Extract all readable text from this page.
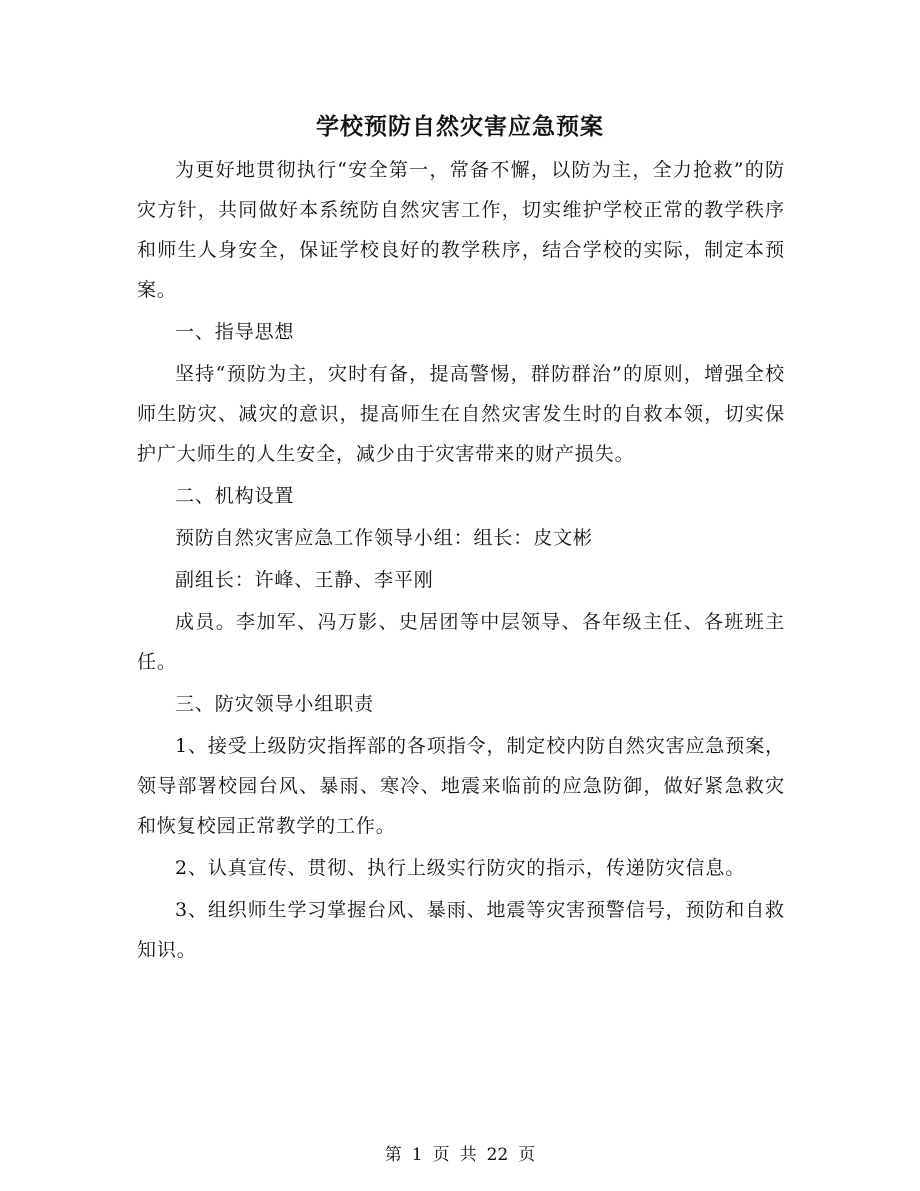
学校预防自然灾害应急预案

为更好地贯彻执行“安全第一，常备不懈，以防为主，全力抢救”的防灾方针，共同做好本系统防自然灾害工作，切实维护学校正常的教学秩序和师生人身安全，保证学校良好的教学秩序，结合学校的实际，制定本预案。

一、指导思想

坚持“预防为主，灾时有备，提高警惕，群防群治”的原则，增强全校师生防灾、减灾的意识，提高师生在自然灾害发生时的自救本领，切实保护广大师生的人生安全，减少由于灾害带来的财产损失。

二、机构设置

预防自然灾害应急工作领导小组：组长：皮文彬

副组长：许峰、王静、李平刚

成员。李加军、冯万影、史居团等中层领导、各年级主任、各班班主任。

三、防灾领导小组职责

1、接受上级防灾指挥部的各项指令，制定校内防自然灾害应急预案，领导部署校园台风、暴雨、寒冷、地震来临前的应急防御，做好紧急救灾和恢复校园正常教学的工作。

2、认真宣传、贯彻、执行上级实行防灾的指示，传递防灾信息。

3、组织师生学习掌握台风、暴雨、地震等灾害预警信号，预防和自救知识。

第 1 页 共 22 页
